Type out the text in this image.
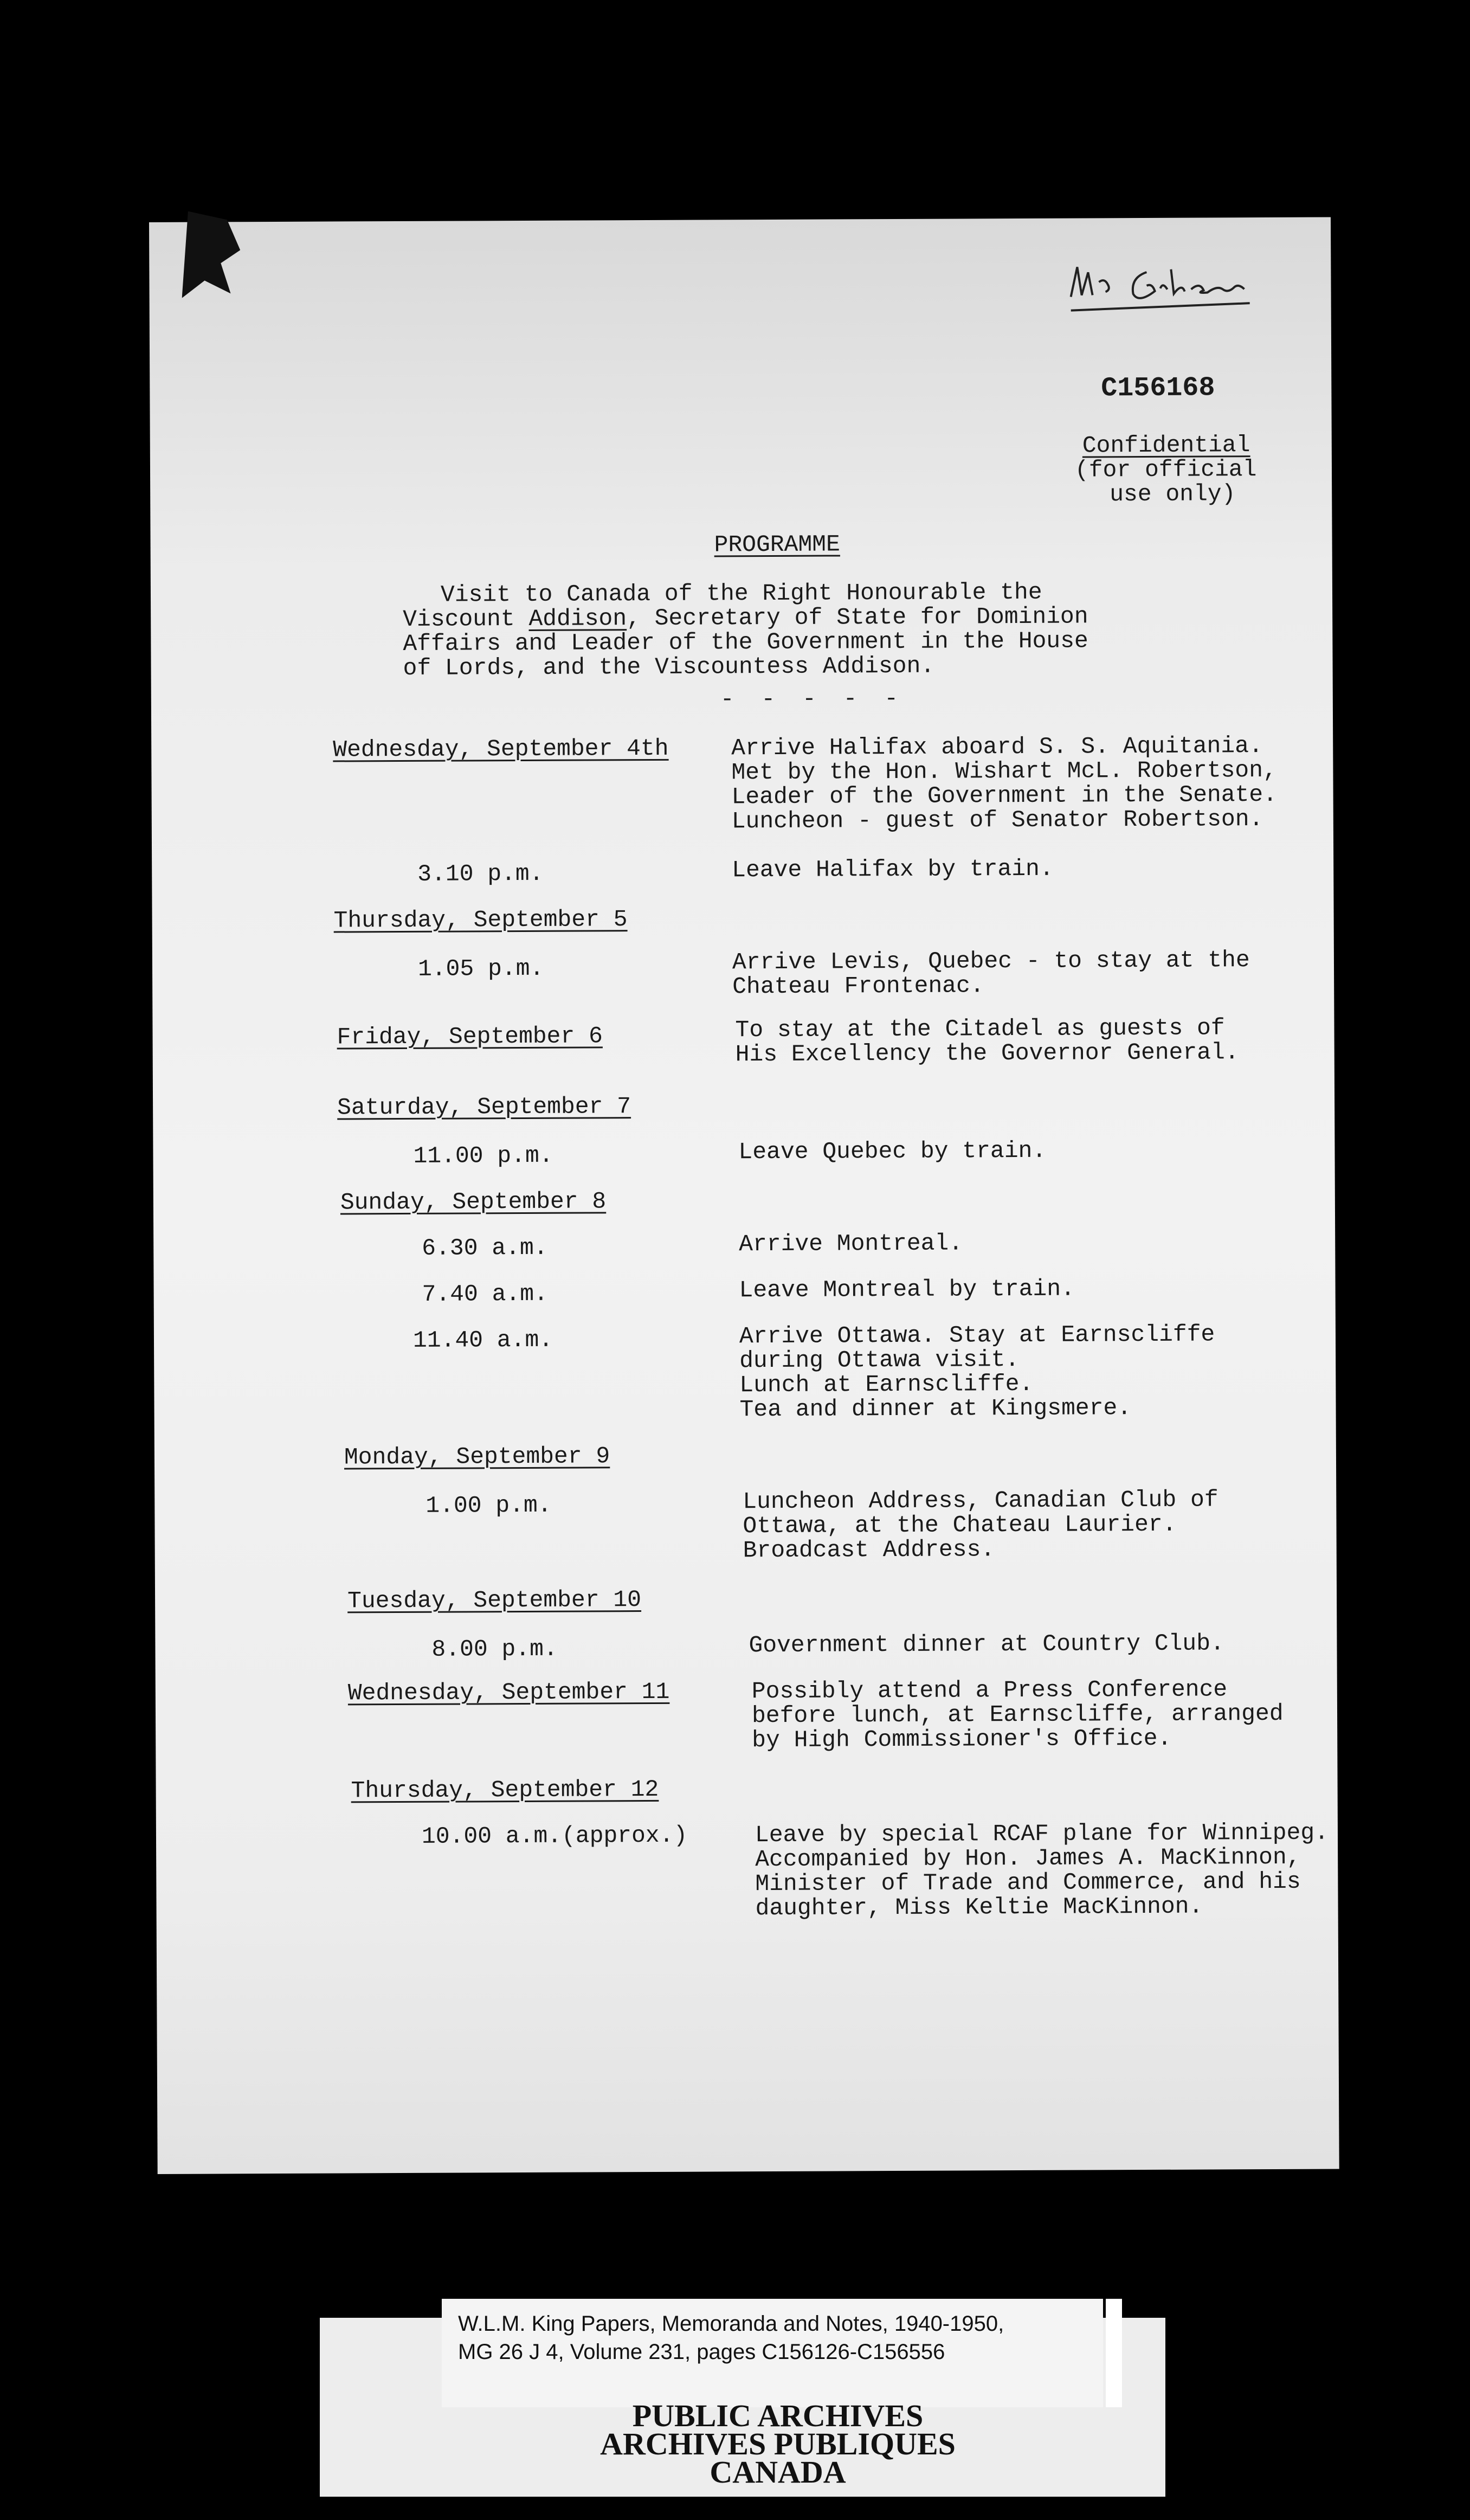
C156168
Confidential
(for official
use only)
PROGRAMME
Visit to Canada of the Right Honourable the
Viscount Addison, Secretary of State for Dominion
Affairs and Leader of the Government in the House
of Lords, and the Viscountess Addison.
- - - - -
Wednesday, September 4th	Arrive Halifax aboard S. S. Aquitania.
Met by the Hon. Wishart McL. Robertson,
Leader of the Government in the Senate.
Luncheon - guest of Senator Robertson.
3.10 p.m.	Leave Halifax by train.
Thursday, September 5
1.05 p.m.	Arrive Levis, Quebec - to stay at the
Chateau Frontenac.
Friday, September 6	To stay at the Citadel as guests of
His Excellency the Governor General.
Saturday, September 7
11.00 p.m.	Leave Quebec by train.
Sunday, September 8
6.30 a.m.	Arrive Montreal.
7.40 a.m.	Leave Montreal by train.
11.40 a.m.	Arrive Ottawa. Stay at Earnscliffe
during Ottawa visit.
Lunch at Earnscliffe.
Tea and dinner at Kingsmere.
Monday, September 9
1.00 p.m.	Luncheon Address, Canadian Club of
Ottawa, at the Chateau Laurier.
Broadcast Address.
Tuesday, September 10
8.00 p.m.	Government dinner at Country Club.
Wednesday, September 11	Possibly attend a Press Conference
before lunch, at Earnscliffe, arranged
by High Commissioner's Office.
Thursday, September 12
10.00 a.m.(approx.)	Leave by special RCAF plane for Winnipeg.
Accompanied by Hon. James A. MacKinnon,
Minister of Trade and Commerce, and his
daughter, Miss Keltie MacKinnon.
W.L.M. King Papers, Memoranda and Notes, 1940-1950,
MG 26 J 4, Volume 231, pages C156126-C156556
PUBLIC ARCHIVES
ARCHIVES PUBLIQUES
CANADA
